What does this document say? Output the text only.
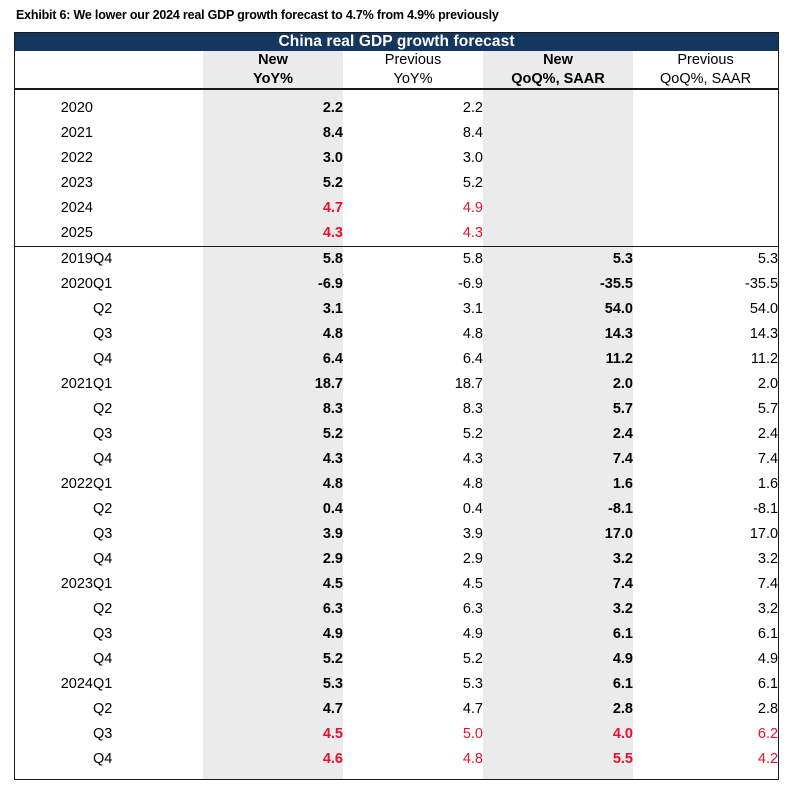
Exhibit 6: We lower our 2024 real GDP growth forecast to 4.7% from 4.9% previously
China real GDP growth forecast					

New
YoY%

Previous
YoY%

New
QoQ%, SAAR

Previous
QoQ%, SAAR

2020		2.2	2.2		
2021		8.4	8.4		
2022		3.0	3.0		
2023		5.2	5.2		
2024		4.7	4.9		
2025		4.3	4.3		

2019	Q4	5.8	5.8	5.3	5.3
2020	Q1	-6.9	-6.9	-35.5	-35.5
	Q2	3.1	3.1	54.0	54.0
	Q3	4.8	4.8	14.3	14.3
	Q4	6.4	6.4	11.2	11.2
2021	Q1	18.7	18.7	2.0	2.0
	Q2	8.3	8.3	5.7	5.7
	Q3	5.2	5.2	2.4	2.4
	Q4	4.3	4.3	7.4	7.4
2022	Q1	4.8	4.8	1.6	1.6
	Q2	0.4	0.4	-8.1	-8.1
	Q3	3.9	3.9	17.0	17.0
	Q4	2.9	2.9	3.2	3.2
2023	Q1	4.5	4.5	7.4	7.4
	Q2	6.3	6.3	3.2	3.2
	Q3	4.9	4.9	6.1	6.1
	Q4	5.2	5.2	4.9	4.9
2024	Q1	5.3	5.3	6.1	6.1
	Q2	4.7	4.7	2.8	2.8
	Q3	4.5	5.0	4.0	6.2
	Q4	4.6	4.8	5.5	4.2
